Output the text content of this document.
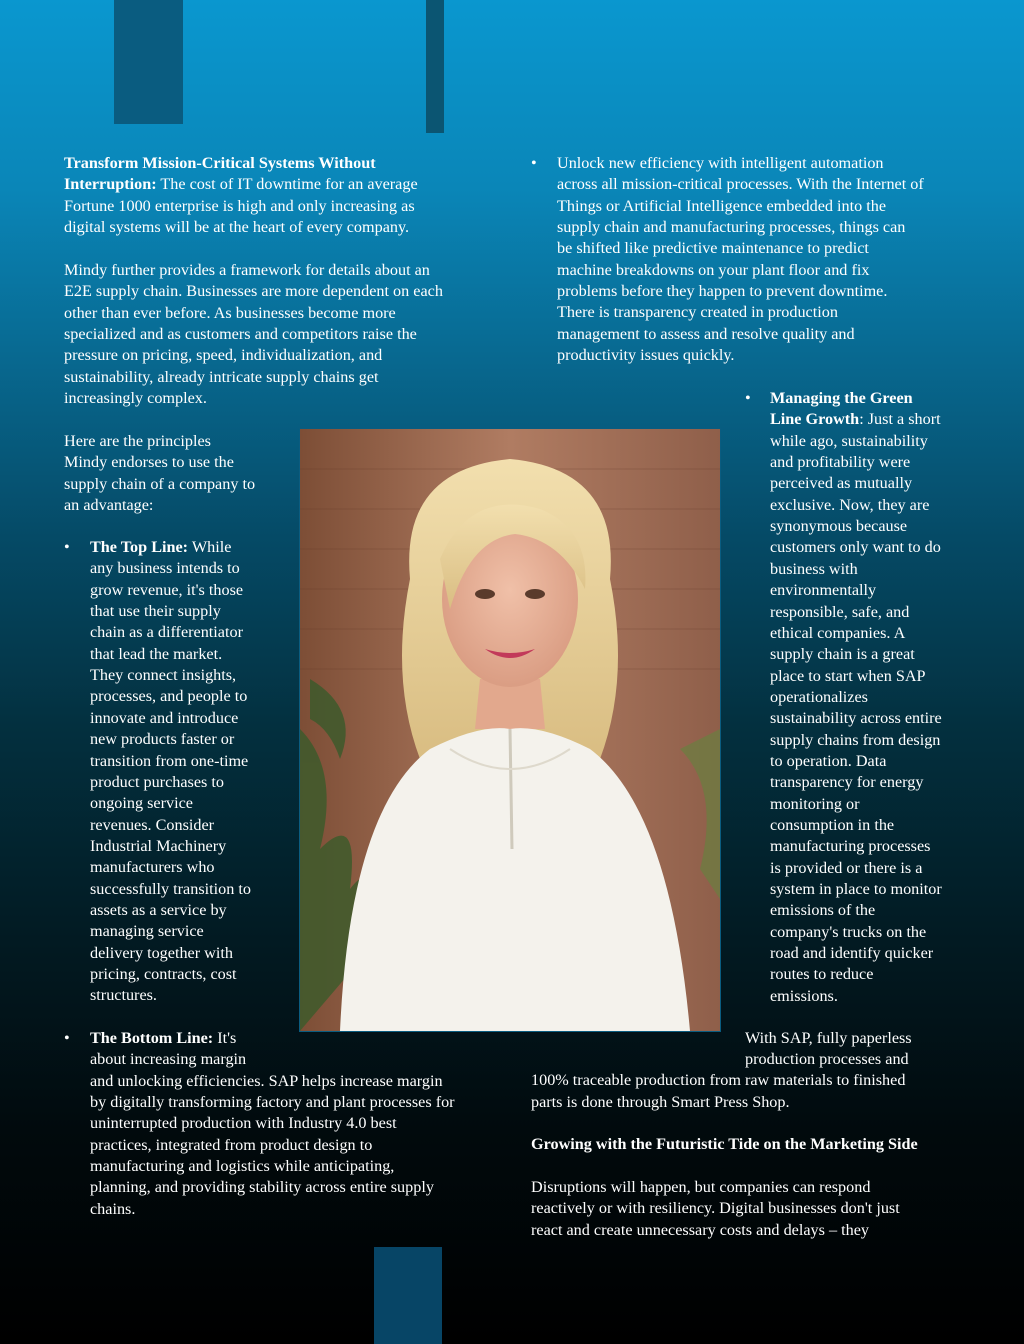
Transform Mission-Critical Systems Without

Interruption: The cost of IT downtime for an average

Fortune 1000 enterprise is high and only increasing as

digital systems will be at the heart of every company.

Mindy further provides a framework for details about an

E2E supply chain. Businesses are more dependent on each

other than ever before. As businesses become more

specialized and as customers and competitors raise the

pressure on pricing, speed, individualization, and

sustainability, already intricate supply chains get

increasingly complex.

Here are the principles

Mindy endorses to use the

supply chain of a company to

an advantage:

• The Top Line: While

any business intends to

grow revenue, it's those

that use their supply

chain as a differentiator

that lead the market.

They connect insights,

processes, and people to

innovate and introduce

new products faster or

transition from one-time

product purchases to

ongoing service

revenues. Consider

Industrial Machinery

manufacturers who

successfully transition to

assets as a service by

managing service

delivery together with

pricing, contracts, cost

structures.

• The Bottom Line: It's

about increasing margin

and unlocking efficiencies. SAP helps increase margin

by digitally transforming factory and plant processes for

uninterrupted production with Industry 4.0 best

practices, integrated from product design to

manufacturing and logistics while anticipating,

planning, and providing stability across entire supply

chains.

• Unlock new efficiency with intelligent automation

across all mission-critical processes. With the Internet of

Things or Artificial Intelligence embedded into the

supply chain and manufacturing processes, things can

be shifted like predictive maintenance to predict

machine breakdowns on your plant floor and fix

problems before they happen to prevent downtime.

There is transparency created in production

management to assess and resolve quality and

productivity issues quickly.

• Managing the Green

Line Growth: Just a short

while ago, sustainability

and profitability were

perceived as mutually

exclusive. Now, they are

synonymous because

customers only want to do

business with

environmentally

responsible, safe, and

ethical companies. A

supply chain is a great

place to start when SAP

operationalizes

sustainability across entire

supply chains from design

to operation. Data

transparency for energy

monitoring or

consumption in the

manufacturing processes

is provided or there is a

system in place to monitor

emissions of the

company's trucks on the

road and identify quicker

routes to reduce

emissions.

With SAP, fully paperless

production processes and

100% traceable production from raw materials to finished

parts is done through Smart Press Shop.

Growing with the Futuristic Tide on the Marketing Side

Disruptions will happen, but companies can respond

reactively or with resiliency. Digital businesses don't just

react and create unnecessary costs and delays – they
